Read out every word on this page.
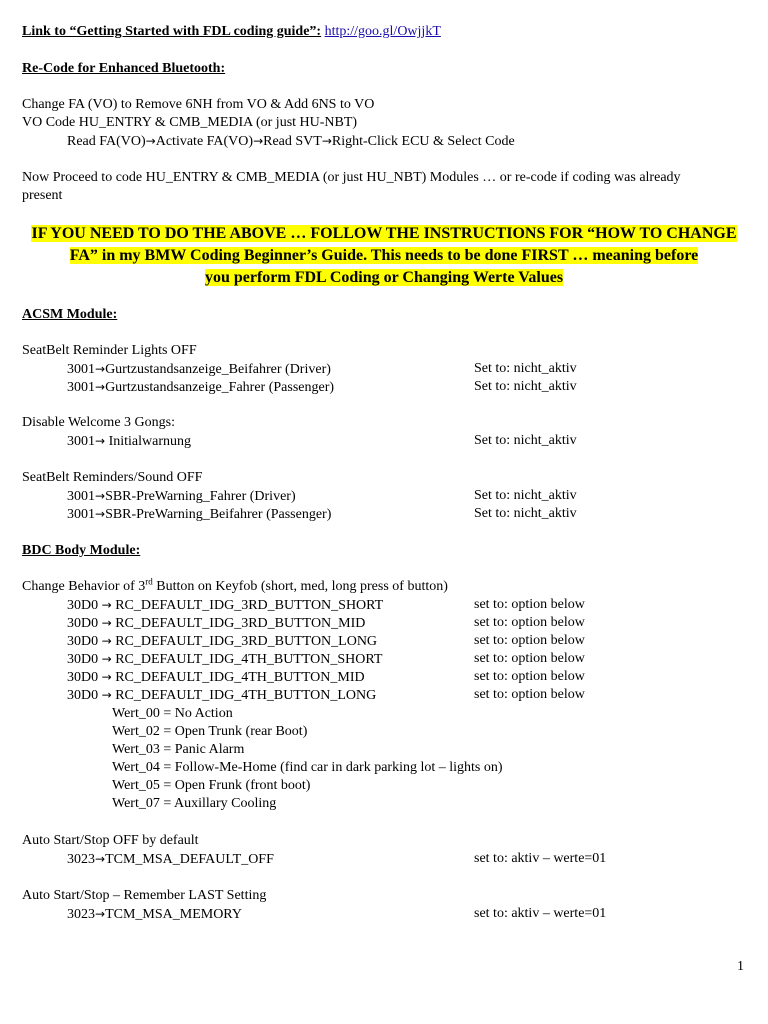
Link to “Getting Started with FDL coding guide”: http://goo.gl/OwjjkT
Re-Code for Enhanced Bluetooth:
Change FA (VO) to Remove 6NH from VO & Add 6NS to VO
VO Code HU_ENTRY & CMB_MEDIA (or just HU-NBT)
Read FA(VO)→Activate FA(VO)→Read SVT→Right-Click ECU & Select Code
Now Proceed to code HU_ENTRY & CMB_MEDIA (or just HU_NBT) Modules … or re-code if coding was already
present
IF YOU NEED TO DO THE ABOVE … FOLLOW THE INSTRUCTIONS FOR “HOW TO CHANGE
FA” in my BMW Coding Beginner’s Guide. This needs to be done FIRST … meaning before
you perform FDL Coding or Changing Werte Values
ACSM Module:
SeatBelt Reminder Lights OFF
3001→Gurtzustandsanzeige_Beifahrer (Driver)	Set to: nicht_aktiv
3001→Gurtzustandsanzeige_Fahrer (Passenger)	Set to: nicht_aktiv
Disable Welcome 3 Gongs:
3001→ Initialwarnung	Set to: nicht_aktiv
SeatBelt Reminders/Sound OFF
3001→SBR-PreWarning_Fahrer (Driver)	Set to: nicht_aktiv
3001→SBR-PreWarning_Beifahrer (Passenger)	Set to: nicht_aktiv
BDC Body Module:
Change Behavior of 3rd Button on Keyfob (short, med, long press of button)
30D0 → RC_DEFAULT_IDG_3RD_BUTTON_SHORT	set to: option below
30D0 → RC_DEFAULT_IDG_3RD_BUTTON_MID	set to: option below
30D0 → RC_DEFAULT_IDG_3RD_BUTTON_LONG	set to: option below
30D0 → RC_DEFAULT_IDG_4TH_BUTTON_SHORT	set to: option below
30D0 → RC_DEFAULT_IDG_4TH_BUTTON_MID	set to: option below
30D0 → RC_DEFAULT_IDG_4TH_BUTTON_LONG	set to: option below
Wert_00 = No Action
Wert_02 = Open Trunk (rear Boot)
Wert_03 = Panic Alarm
Wert_04 = Follow-Me-Home (find car in dark parking lot – lights on)
Wert_05 = Open Frunk (front boot)
Wert_07 = Auxillary Cooling
Auto Start/Stop OFF by default
3023→TCM_MSA_DEFAULT_OFF	set to: aktiv – werte=01
Auto Start/Stop – Remember LAST Setting
3023→TCM_MSA_MEMORY	set to: aktiv – werte=01
1
